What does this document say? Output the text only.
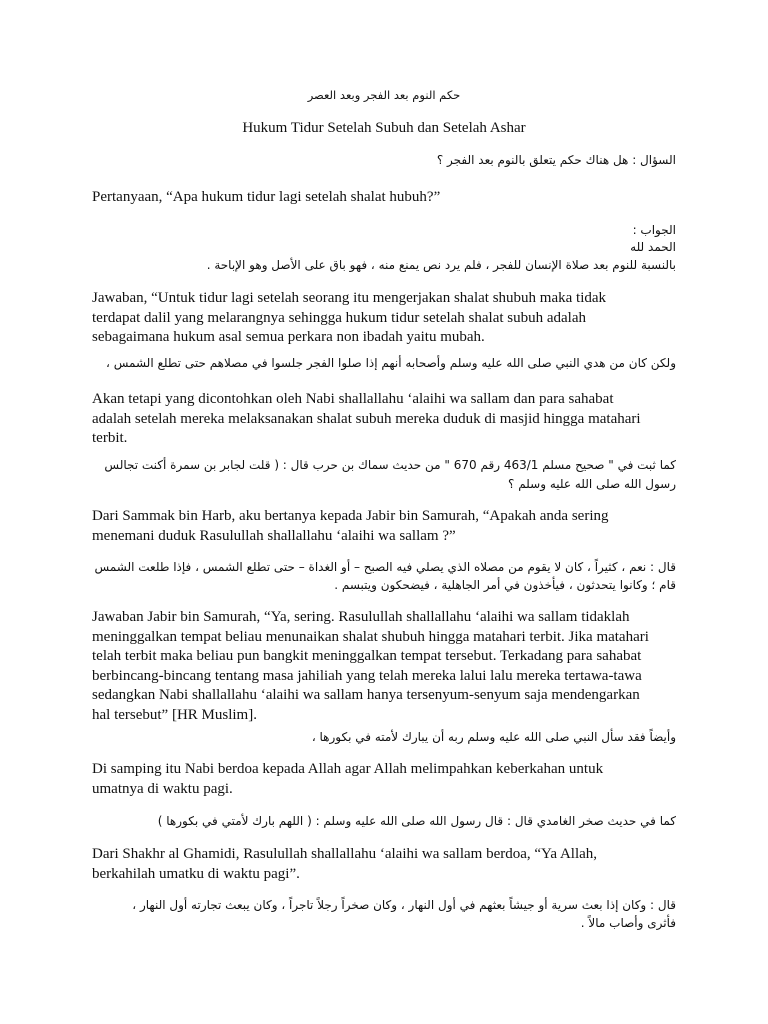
حكم النوم بعد الفجر وبعد العصر
Hukum Tidur Setelah Subuh dan Setelah Ashar
السؤال : هل هناك حكم يتعلق بالنوم بعد الفجر ؟
Pertanyaan, “Apa hukum tidur lagi setelah shalat hubuh?”
الجواب :
الحمد لله
بالنسبة للنوم بعد صلاة الإنسان للفجر ، فلم يرد نص يمنع منه ، فهو باق على الأصل وهو الإباحة .
Jawaban, “Untuk tidur lagi setelah seorang itu mengerjakan shalat shubuh maka tidak
terdapat dalil yang melarangnya sehingga hukum tidur setelah shalat subuh adalah
sebagaimana hukum asal semua perkara non ibadah yaitu mubah.
ولكن كان من هدي النبي صلى الله عليه وسلم وأصحابه أنهم إذا صلوا الفجر جلسوا في مصلاهم حتى تطلع الشمس ،
Akan tetapi yang dicontohkan oleh Nabi shallallahu ‘alaihi wa sallam dan para sahabat
adalah setelah mereka melaksanakan shalat subuh mereka duduk di masjid hingga matahari
terbit.
كما ثبت في " صحيح مسلم 463/1 رقم 670 " من حديث سماك بن حرب قال : ( قلت لجابر بن سمرة أكنت تجالس
رسول الله صلى الله عليه وسلم ؟
Dari Sammak bin Harb, aku bertanya kepada Jabir bin Samurah, “Apakah anda sering
menemani duduk Rasulullah shallallahu ‘alaihi wa sallam ?”
قال : نعم ، كثيراً ، كان لا يقوم من مصلاه الذي يصلي فيه الصبح – أو الغداة – حتى تطلع الشمس ، فإذا طلعت الشمس
قام ؛ وكانوا يتحدثون ، فيأخذون في أمر الجاهلية ، فيضحكون ويتبسم .
Jawaban Jabir bin Samurah, “Ya, sering. Rasulullah shallallahu ‘alaihi wa sallam tidaklah
meninggalkan tempat beliau menunaikan shalat shubuh hingga matahari terbit. Jika matahari
telah terbit maka beliau pun bangkit meninggalkan tempat tersebut. Terkadang para sahabat
berbincang-bincang tentang masa jahiliah yang telah mereka lalui lalu mereka tertawa-tawa
sedangkan Nabi shallallahu ‘alaihi wa sallam hanya tersenyum-senyum saja mendengarkan
hal tersebut” [HR Muslim].
وأيضاً فقد سأل النبي صلى الله عليه وسلم ربه أن يبارك لأمته في بكورها ،
Di samping itu Nabi berdoa kepada Allah agar Allah melimpahkan keberkahan untuk
umatnya di waktu pagi.
كما في حديث صخر الغامدي قال : قال رسول الله صلى الله عليه وسلم : ( اللهم بارك لأمتي في بكورها )
Dari Shakhr al Ghamidi, Rasulullah shallallahu ‘alaihi wa sallam berdoa, “Ya Allah,
berkahilah umatku di waktu pagi”.
قال : وكان إذا بعث سرية أو جيشاً بعثهم في أول النهار ، وكان صخراً رجلاً تاجراً ، وكان يبعث تجارته أول النهار ،
فأثرى وأصاب مالاً .
